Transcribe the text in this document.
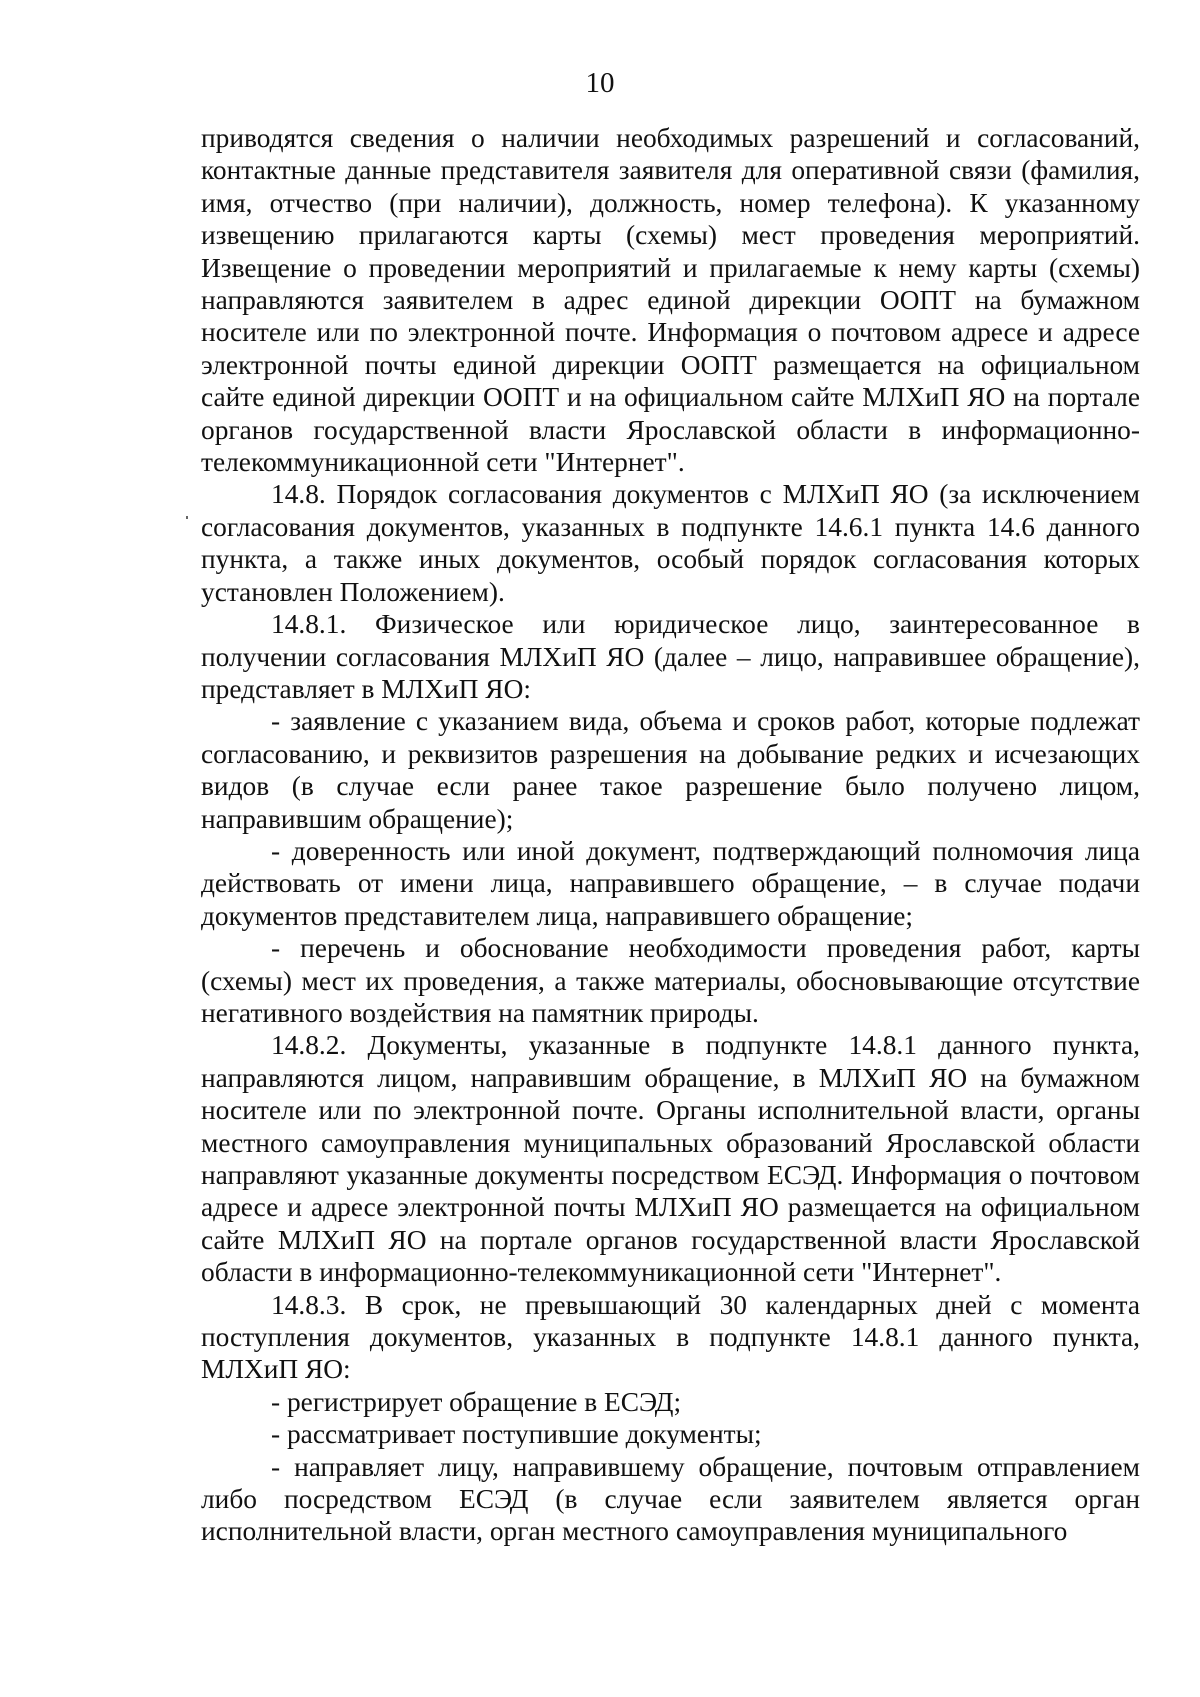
10

приводятся сведения о наличии необходимых разрешений и согласований, контактные данные представителя заявителя для оперативной связи (фамилия, имя, отчество (при наличии), должность, номер телефона). К указанному извещению прилагаются карты (схемы) мест проведения мероприятий. Извещение о проведении мероприятий и прилагаемые к нему карты (схемы) направляются заявителем в адрес единой дирекции ООПТ на бумажном носителе или по электронной почте. Информация о почтовом адресе и адресе электронной почты единой дирекции ООПТ размещается на официальном сайте единой дирекции ООПТ и на официальном сайте МЛХиП ЯО на портале органов государственной власти Ярославской области в информационно-телекоммуникационной сети "Интернет".

14.8. Порядок согласования документов с МЛХиП ЯО (за исключением согласования документов, указанных в подпункте 14.6.1 пункта 14.6 данного пункта, а также иных документов, особый порядок согласования которых установлен Положением).

14.8.1. Физическое или юридическое лицо, заинтересованное в получении согласования МЛХиП ЯО (далее – лицо, направившее обращение), представляет в МЛХиП ЯО:

- заявление с указанием вида, объема и сроков работ, которые подлежат согласованию, и реквизитов разрешения на добывание редких и исчезающих видов (в случае если ранее такое разрешение было получено лицом, направившим обращение);

- доверенность или иной документ, подтверждающий полномочия лица действовать от имени лица, направившего обращение, – в случае подачи документов представителем лица, направившего обращение;

- перечень и обоснование необходимости проведения работ, карты (схемы) мест их проведения, а также материалы, обосновывающие отсутствие негативного воздействия на памятник природы.

14.8.2. Документы, указанные в подпункте 14.8.1 данного пункта, направляются лицом, направившим обращение, в МЛХиП ЯО на бумажном носителе или по электронной почте. Органы исполнительной власти, органы местного самоуправления муниципальных образований Ярославской области направляют указанные документы посредством ЕСЭД. Информация о почтовом адресе и адресе электронной почты МЛХиП ЯО размещается на официальном сайте МЛХиП ЯО на портале органов государственной власти Ярославской области в информационно-телекоммуникационной сети "Интернет".

14.8.3. В срок, не превышающий 30 календарных дней с момента поступления документов, указанных в подпункте 14.8.1 данного пункта, МЛХиП ЯО:

- регистрирует обращение в ЕСЭД;

- рассматривает поступившие документы;

- направляет лицу, направившему обращение, почтовым отправлением либо посредством ЕСЭД (в случае если заявителем является орган исполнительной власти, орган местного самоуправления муниципального
